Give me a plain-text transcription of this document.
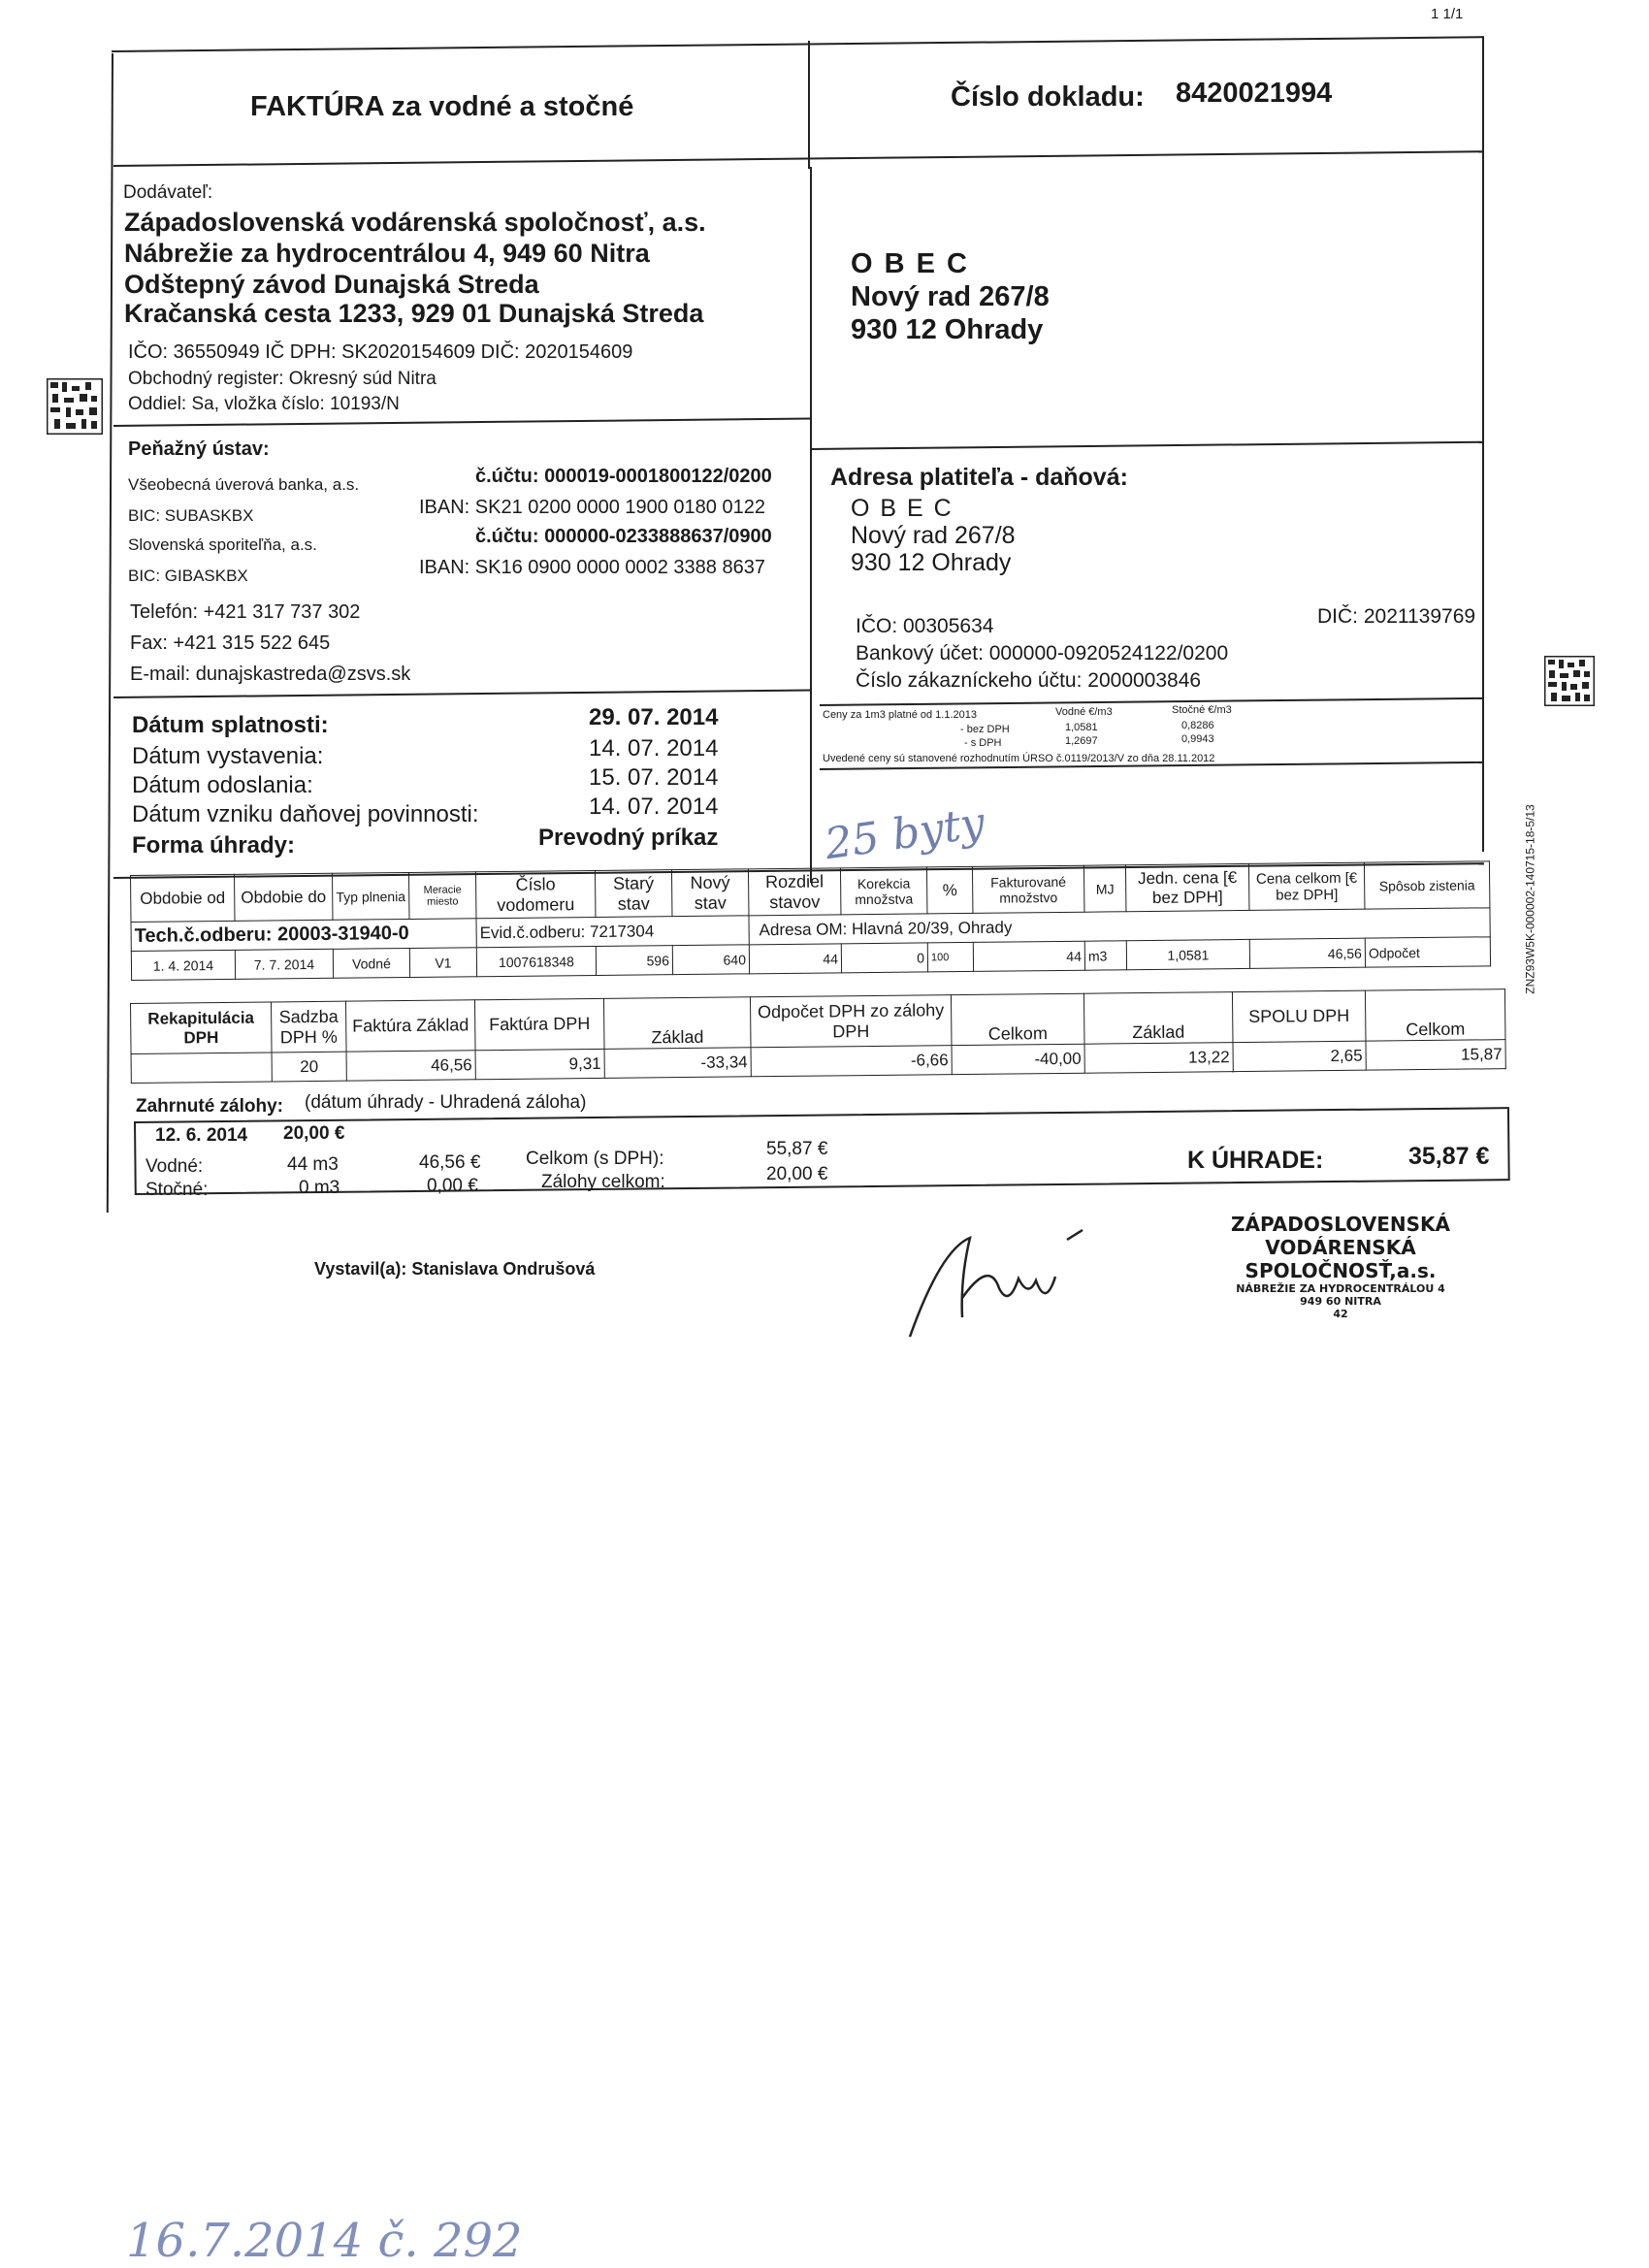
1 1/1
FAKTÚRA za vodné a stočné	Číslo dokladu: 8420021994
Dodávateľ:
Západoslovenská vodárenská spoločnosť, a.s.
Nábrežie za hydrocentrálou 4, 949 60 Nitra
Odštepný závod Dunajská Streda
Kračanská cesta 1233, 929 01 Dunajská Streda
IČO: 36550949 IČ DPH: SK2020154609 DIČ: 2020154609
Obchodný register: Okresný súd Nitra
Oddiel: Sa, vložka číslo: 10193/N
Peňažný ústav:
Všeobecná úverová banka, a.s.	č.účtu: 000019-0001800122/0200
BIC: SUBASKBX	IBAN: SK21 0200 0000 1900 0180 0122
Slovenská sporiteľňa, a.s.	č.účtu: 000000-0233888637/0900
BIC: GIBASKBX	IBAN: SK16 0900 0000 0002 3388 8637
Telefón: +421 317 737 302
Fax: +421 315 522 645
E-mail: dunajskastreda@zsvs.sk
O B E C
Nový rad 267/8
930 12 Ohrady
Adresa platiteľa - daňová:
O B E C
Nový rad 267/8
930 12 Ohrady
IČO: 00305634	DIČ: 2021139769
Bankový účet: 000000-0920524122/0200
Číslo zákazníckeho účtu: 2000003846
Ceny za 1m3 platné od 1.1.2013	Vodné €/m3	Stočné €/m3
- bez DPH	1,0581	0,8286
- s DPH	1,2697	0,9943
Uvedené ceny sú stanovené rozhodnutím ÚRSO č.0119/2013/V zo dňa 28.11.2012
Dátum splatnosti:	29. 07. 2014
Dátum vystavenia:	14. 07. 2014
Dátum odoslania:	15. 07. 2014
Dátum vzniku daňovej povinnosti:	14. 07. 2014
Forma úhrady:	Prevodný príkaz 25 byty
Obdobie od	Obdobie do	Typ plnenia	Meracie miesto	Číslo vodomeru	Starý stav	Nový stav	Rozdiel stavov	Korekcia množstva	%	Fakturované množstvo	MJ	Jedn. cena [€ bez DPH]	Cena celkom [€ bez DPH]	Spôsob zistenia
Tech.č.odberu: 20003-31940-0				Evid.č.odberu: 7217304			Adresa OM: Hlavná 20/39, Ohrady							
1. 4. 2014	7. 7. 2014	Vodné	V1	1007618348	596	640	44	0	100	44	m3	1,0581	46,56	Odpočet
Rekapitulácia DPH	Sadzba DPH %	Faktúra Základ	Faktúra DPH	Základ	Odpočet DPH zo zálohy DPH	Celkom	Základ	SPOLU DPH	Celkom
	20	46,56	9,31	-33,34	-6,66	-40,00	13,22	2,65	15,87
Zahrnuté zálohy: (dátum úhrady - Uhradená záloha)
12. 6. 2014 20,00 €
Vodné:	44 m3	46,56 €
Stočné:	0 m3	0,00 €
Celkom (s DPH):	55,87 €
Zálohy celkom:	20,00 €
K ÚHRADE:	35,87 €
Vystavil(a): Stanislava Ondrušová
ZÁPADOSLOVENSKÁ
VODÁRENSKÁ SPOLOČNOSŤ,a.s.
NÁBREŽIE ZA HYDROCENTRÁLOU 4
949 60 NITRA
42
16.7.2014 č. 292
ZNZ93W5K-000002-140715-18-5/13
